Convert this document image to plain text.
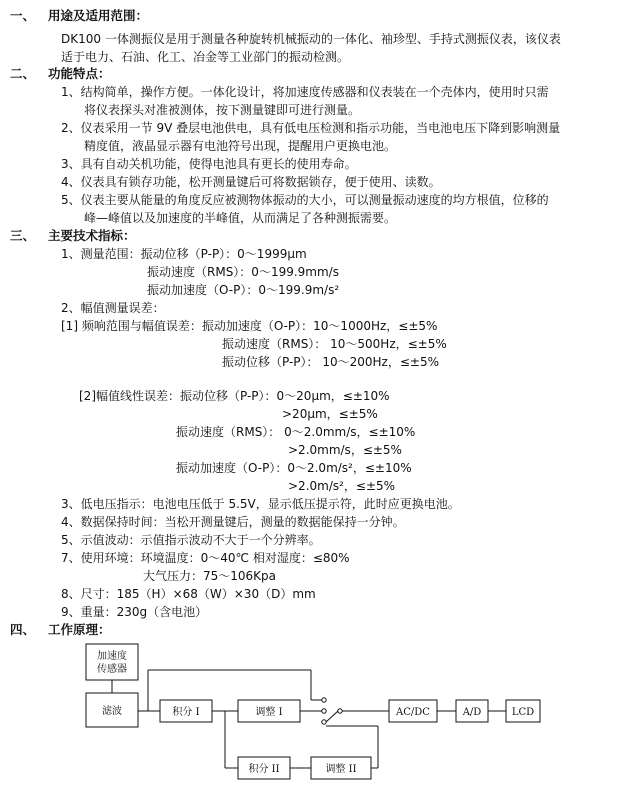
一、 用途及适用范围：
DK100 一体测振仪是用于测量各种旋转机械振动的一体化、袖珍型、手持式测振仪表，该仪表
适于电力、石油、化工、冶金等工业部门的振动检测。
二、 功能特点：
1、结构简单，操作方便。一体化设计，将加速度传感器和仪表装在一个壳体内，使用时只需
将仪表探头对准被测体，按下测量键即可进行测量。
2、仪表采用一节 9V 叠层电池供电，具有低电压检测和指示功能，当电池电压下降到影响测量
精度值，液晶显示器有电池符号出现，提醒用户更换电池。
3、具有自动关机功能，使得电池具有更长的使用寿命。
4、仪表具有锁存功能，松开测量键后可将数据锁存，便于使用、读数。
5、仪表主要从能量的角度反应被测物体振动的大小，可以测量振动速度的均方根值，位移的
峰—峰值以及加速度的半峰值，从而满足了各种测振需要。
三、 主要技术指标：
1、测量范围：振动位移（P-P）：0～1999μm
振动速度（RMS）：0～199.9mm/s
振动加速度（O-P）：0～199.9m/s²
2、幅值测量误差：
[1] 频响范围与幅值误差：振动加速度（O-P）：10～1000Hz，≤±5%
振动速度（RMS）： 10～500Hz，≤±5%
振动位移（P-P）： 10～200Hz，≤±5%
[2]幅值线性误差：振动位移（P-P）：0～20μm，≤±10%
>20μm，≤±5%
振动速度（RMS）： 0～2.0mm/s，≤±10%
>2.0mm/s，≤±5%
振动加速度（O-P）：0～2.0m/s²，≤±10%
>2.0m/s²，≤±5%
3、低电压指示：电池电压低于 5.5V，显示低压提示符，此时应更换电池。
4、数据保持时间：当松开测量键后，测量的数据能保持一分钟。
5、示值波动：示值指示波动不大于一个分辨率。
7、使用环境：环境温度：0～40℃ 相对湿度：≤80%
大气压力：75～106Kpa
8、尺寸：185（H）×68（W）×30（D）mm
9、重量：230g（含电池）
四、 工作原理：
加速度
传感器
滤波	积分 I	调整 I
积分 II	调整 II
AC/DC	A/D	LCD
